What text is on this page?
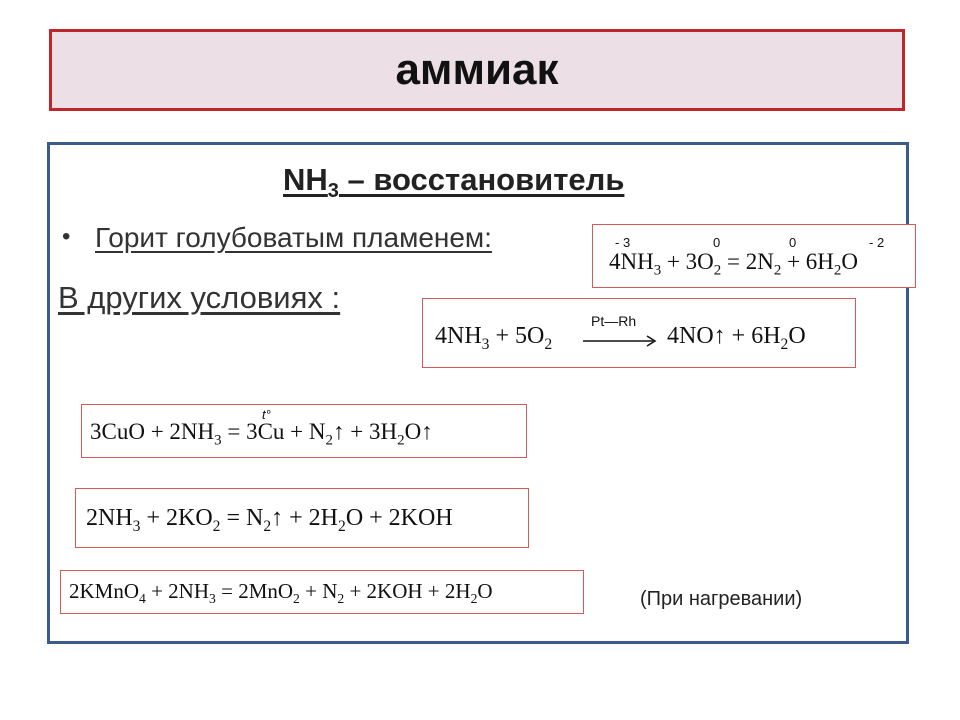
аммиак
$NH_3$ – восстановитель
• Горит голубоватым пламенем:
В других условиях :
- 3	0	0	- 2
$4NH_3 + 3O_2 = 2N_2 + 6H_2O$
$4NH_3 + 5O_2$
Pt—Rh
4NO↑ + $6H_2O$
t°
$3CuO + 2NH_3 = 3Cu$ + $N_2↑$ + $3H_2O↑$
$2NH_3 + 2KO_2$ = $N_2↑ + 2H_2O + 2KOH$
2KMnO$_4$ + $2NH_3 = 2MnO_2 + N_2 + 2KOH + 2H_2O$	(При нагревании)
